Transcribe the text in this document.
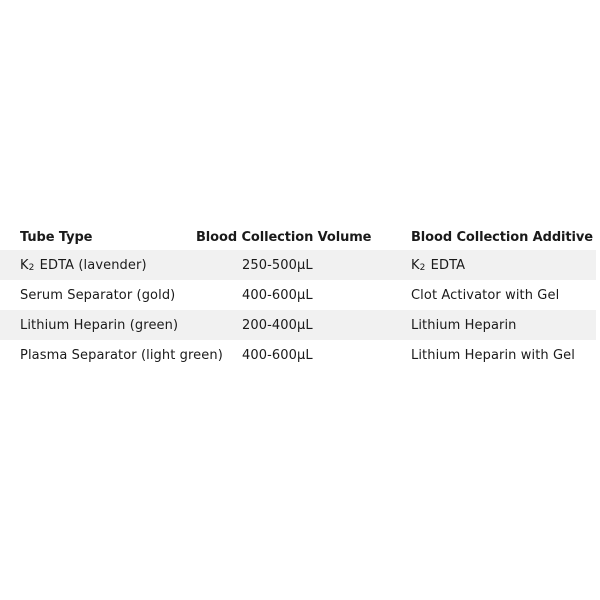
Tube Type	Blood Collection Volume	Blood Collection Additive
K 2 EDTA (lavender)	250-500µL	K 2 EDTA
Serum Separator (gold)	400-600µL	Clot Activator with Gel
Lithium Heparin (green)	200-400µL	Lithium Heparin
Plasma Separator (light green) 400-600µL	Lithium Heparin with Gel
